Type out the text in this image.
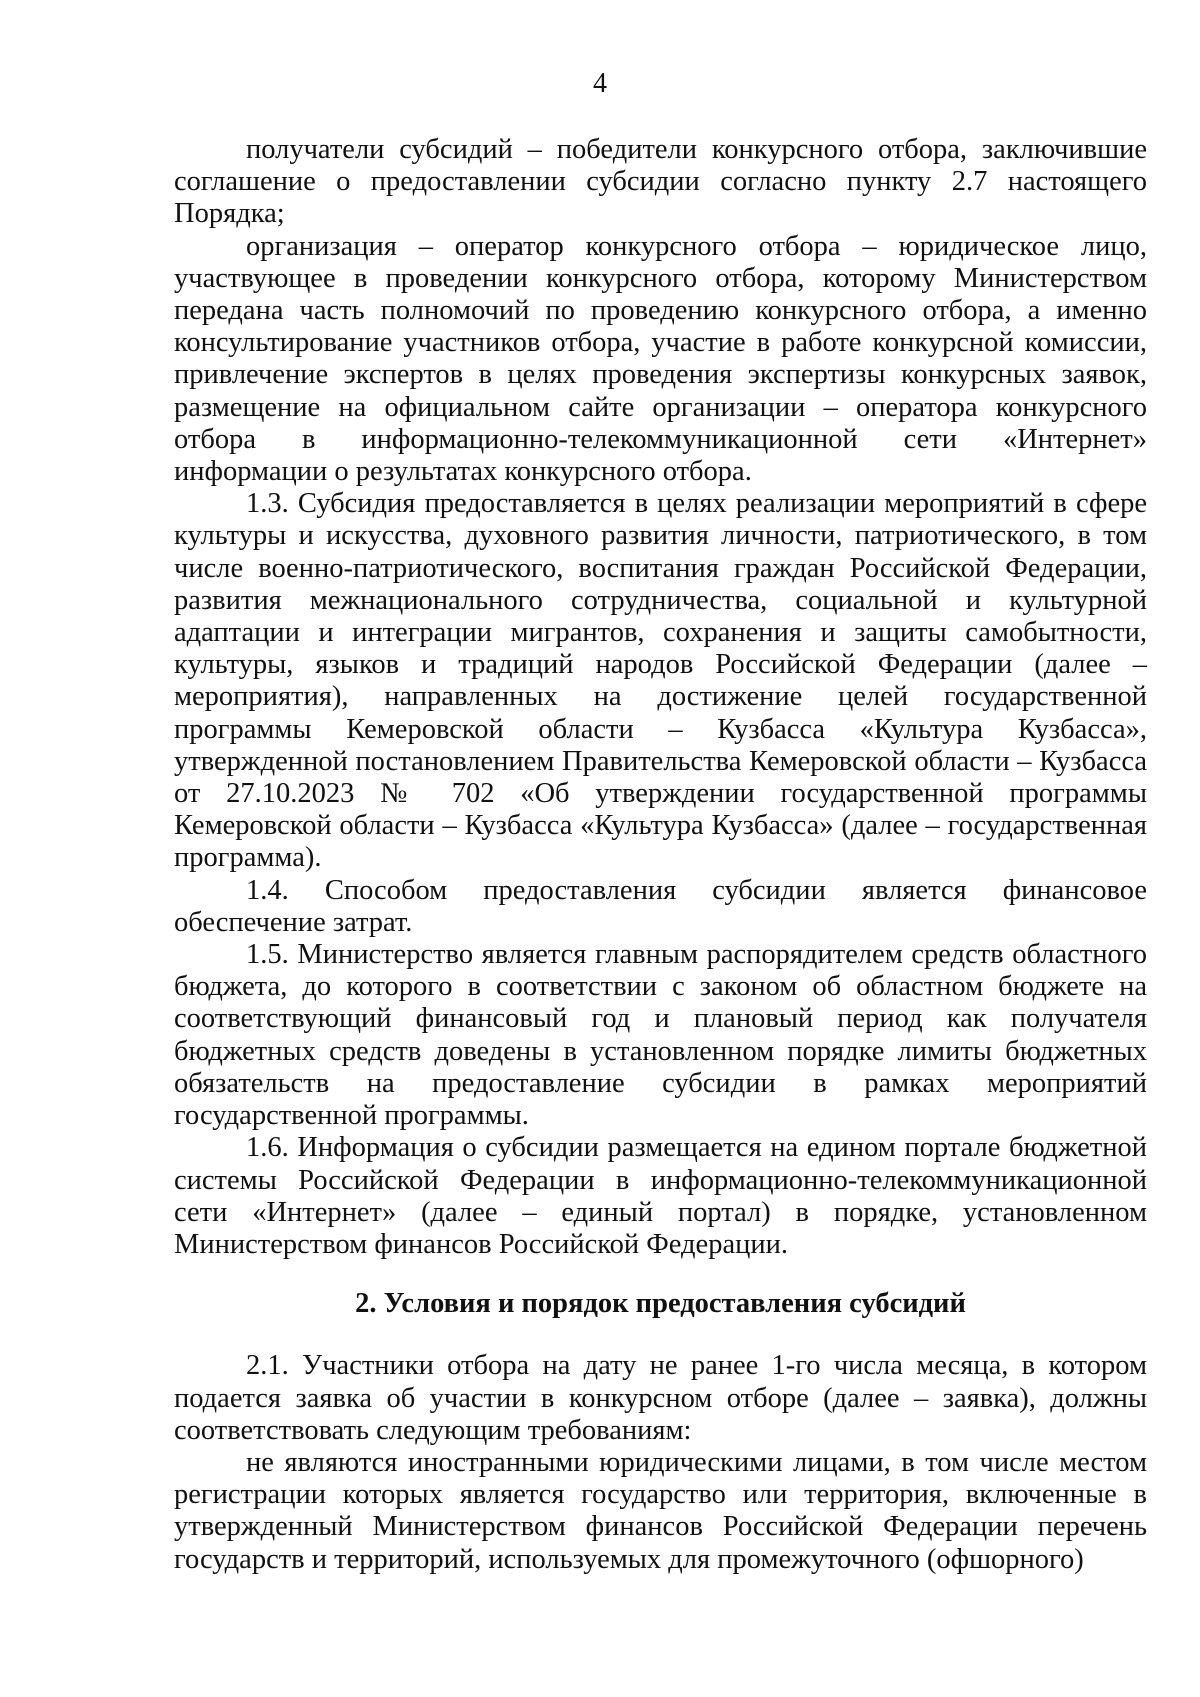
4

получатели субсидий – победители конкурсного отбора, заключившие соглашение о предоставлении субсидии согласно пункту 2.7 настоящего Порядка;

организация – оператор конкурсного отбора – юридическое лицо, участвующее в проведении конкурсного отбора, которому Министерством передана часть полномочий по проведению конкурсного отбора, а именно консультирование участников отбора, участие в работе конкурсной комиссии, привлечение экспертов в целях проведения экспертизы конкурсных заявок, размещение на официальном сайте организации – оператора конкурсного отбора в информационно-телекоммуникационной сети «Интернет» информации о результатах конкурсного отбора.

1.3. Субсидия предоставляется в целях реализации мероприятий в сфере культуры и искусства, духовного развития личности, патриотического, в том числе военно-патриотического, воспитания граждан Российской Федерации, развития межнационального сотрудничества, социальной и культурной адаптации и интеграции мигрантов, сохранения и защиты самобытности, культуры, языков и традиций народов Российской Федерации (далее – мероприятия), направленных на достижение целей государственной программы Кемеровской области – Кузбасса «Культура Кузбасса», утвержденной постановлением Правительства Кемеровской области – Кузбасса от 27.10.2023 № 702 «Об утверждении государственной программы Кемеровской области – Кузбасса «Культура Кузбасса» (далее – государственная программа).

1.4. Способом предоставления субсидии является финансовое обеспечение затрат.

1.5. Министерство является главным распорядителем средств областного бюджета, до которого в соответствии с законом об областном бюджете на соответствующий финансовый год и плановый период как получателя бюджетных средств доведены в установленном порядке лимиты бюджетных обязательств на предоставление субсидии в рамках мероприятий государственной программы.

1.6. Информация о субсидии размещается на едином портале бюджетной системы Российской Федерации в информационно-телекоммуникационной сети «Интернет» (далее – единый портал) в порядке, установленном Министерством финансов Российской Федерации.

2. Условия и порядок предоставления субсидий

2.1. Участники отбора на дату не ранее 1-го числа месяца, в котором подается заявка об участии в конкурсном отборе (далее – заявка), должны соответствовать следующим требованиям:

не являются иностранными юридическими лицами, в том числе местом регистрации которых является государство или территория, включенные в утвержденный Министерством финансов Российской Федерации перечень государств и территорий, используемых для промежуточного (офшорного)
